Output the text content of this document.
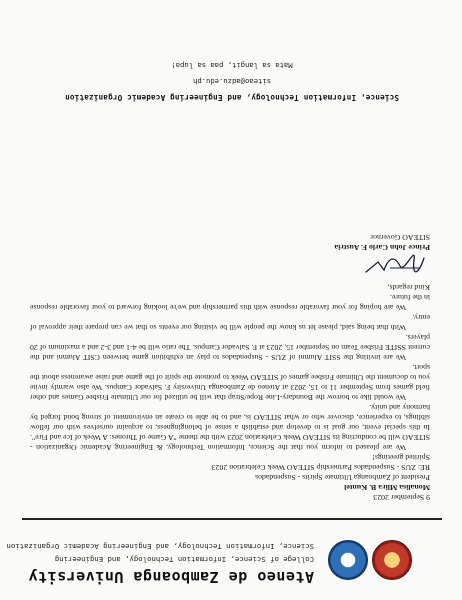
Ateneo de Zamboanga University
College of Science, Information Technology, and Engineering
Science, Information Technology, and Engineering Academic Organization

9 September 2023

Monalisa Mlira B. Kuntel

President of Zamboanga Ultimate Spirits - Suspendados

RE: ZUS - Suspendados Partnership SITEAO Week Celebration 2023

Spirited greetings!

We are pleased to inform you that the Science, Information Technology, & Engineering Academic Organization - SITEAO will be conducting its SITEAO Week Celebration 2023 with the theme "A Game of Thrones: A Week of Ice and Fire". In this special event, our goal is to develop and establish a sense of belongingness, to acquaint ourselves with our fellow siblings, to experience, discover who or what SITEAO is, and to be able to create an environment of strong bond forged by harmony and unity.

We would like to borrow the Boundary-Line Rope/Strap that will be utilized for our Ultimate Frisbee Games and other field games from September 11 to 15, 2023 at Ateneo de Zamboanga University F. Salvador Campus. We also warmly invite you to document the Ultimate Frisbee games of SITEAO Week to promote the spirit of the game and raise awareness about the sport.

We are inviting the SSIT Alumni of ZUS - Suspendados to play an exhibition game between CSIT Alumni and the current SSITE Frisbee Team on September 15, 2023 at F. Salvador Campus. The ratio will be 4-1 and 3-2 and a maximum of 20 players.

With that being said, please let us know the people will be visiting our events so that we can prepare their approval of entry.

We are hoping for your favorable response with this partnership and we're looking forward to your favorable response in the future.

Kind regards,

Prince John Carlo F. Austria

SITEAO Governor

Science, Information Technology, and Engineering Academic Organization
siteao@adzu.edu.ph
Mata sa langit, paa sa lupa!
